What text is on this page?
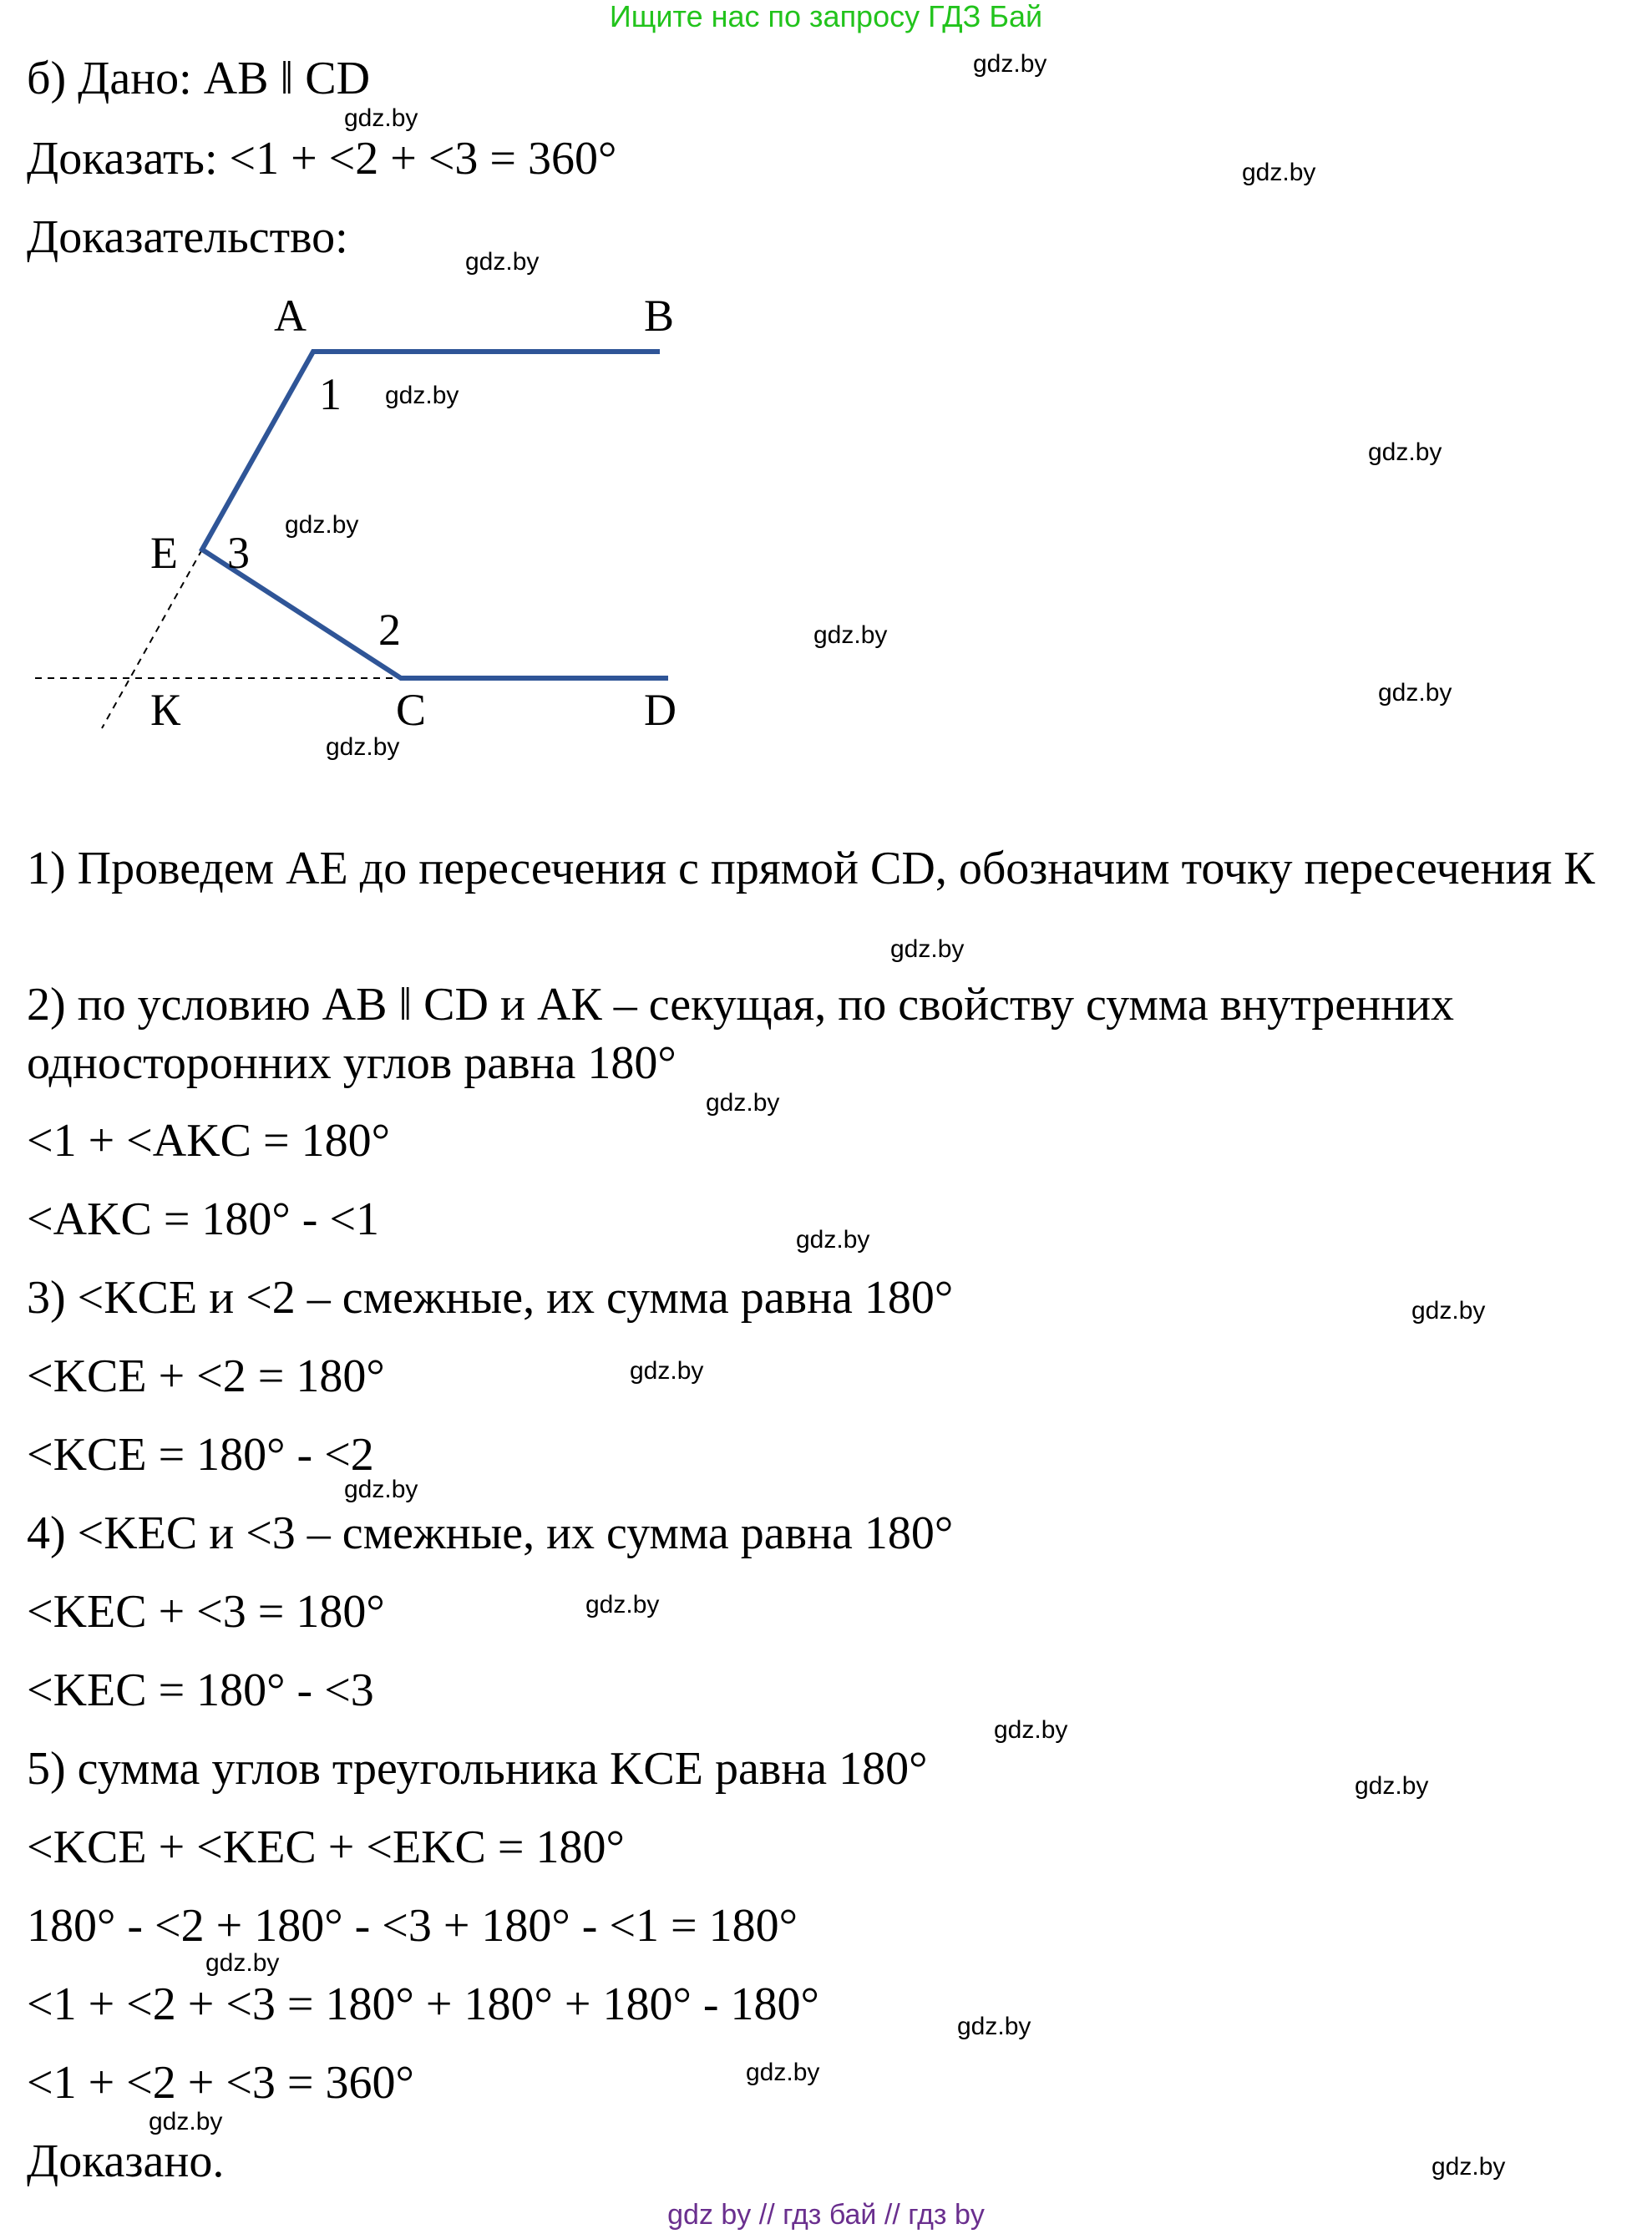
Ищите нас по запросу ГДЗ Бай
б) Дано: AB ǁ CD
Доказать: <1 + <2 + <3 = 360°
Доказательство:
A	B
1
E 3
2
К	C	D
1) Проведем AE до пересечения с прямой CD, обозначим точку пересечения К
2) по условию AB ǁ CD и AК – секущая, по свойству сумма внутренних односторонних углов равна 180°
<1 + <AKC = 180°
<AKC = 180° - <1
3) <KCE и <2 – смежные, их сумма равна 180°
<KCE + <2 = 180°
<KCE = 180° - <2
4) <KEC и <3 – смежные, их сумма равна 180°
<KEC + <3 = 180°
<KEC = 180° - <3
5) сумма углов треугольника KCE равна 180°
<KCE + <KEC + <EKC = 180°
180° - <2 + 180° - <3 + 180° - <1 = 180°
<1 + <2 + <3 = 180° + 180° + 180° - 180°
<1 + <2 + <3 = 360°
Доказано.
gdz.by
gdz.by
gdz.by
gdz.by
gdz.by
gdz.by
gdz.by
gdz.by
gdz.by
gdz.by
gdz.by
gdz.by
gdz.by
gdz.by
gdz.by
gdz.by
gdz.by
gdz.by
gdz.by
gdz.by
gdz.by
gdz.by
gdz.by
gdz.by
gdz by // гдз бай // гдз by
